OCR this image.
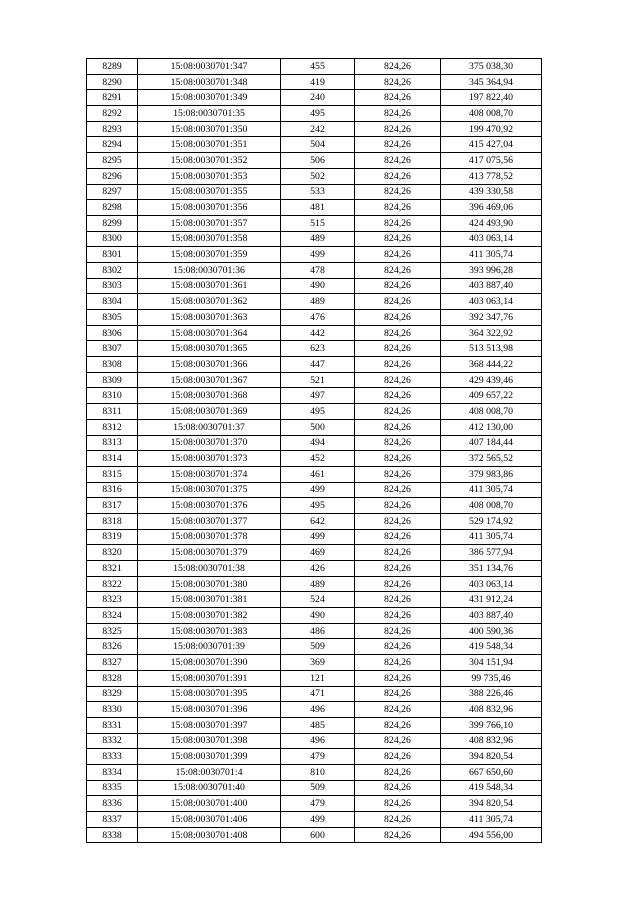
8289	15:08:0030701:347	455	824,26	375 038,30
8290	15:08:0030701:348	419	824,26	345 364,94
8291	15:08:0030701:349	240	824,26	197 822,40
8292	15:08:0030701:35	495	824,26	408 008,70
8293	15:08:0030701:350	242	824,26	199 470,92
8294	15:08:0030701:351	504	824,26	415 427,04
8295	15:08:0030701:352	506	824,26	417 075,56
8296	15:08:0030701:353	502	824,26	413 778,52
8297	15:08:0030701:355	533	824,26	439 330,58
8298	15:08:0030701:356	481	824,26	396 469,06
8299	15:08:0030701:357	515	824,26	424 493,90
8300	15:08:0030701:358	489	824,26	403 063,14
8301	15:08:0030701:359	499	824,26	411 305,74
8302	15:08:0030701:36	478	824,26	393 996,28
8303	15:08:0030701:361	490	824,26	403 887,40
8304	15:08:0030701:362	489	824,26	403 063,14
8305	15:08:0030701:363	476	824,26	392 347,76
8306	15:08:0030701:364	442	824,26	364 322,92
8307	15:08:0030701:365	623	824,26	513 513,98
8308	15:08:0030701:366	447	824,26	368 444,22
8309	15:08:0030701:367	521	824,26	429 439,46
8310	15:08:0030701:368	497	824,26	409 657,22
8311	15:08:0030701:369	495	824,26	408 008,70
8312	15:08:0030701:37	500	824,26	412 130,00
8313	15:08:0030701:370	494	824,26	407 184,44
8314	15:08:0030701:373	452	824,26	372 565,52
8315	15:08:0030701:374	461	824,26	379 983,86
8316	15:08:0030701:375	499	824,26	411 305,74
8317	15:08:0030701:376	495	824,26	408 008,70
8318	15:08:0030701:377	642	824,26	529 174,92
8319	15:08:0030701:378	499	824,26	411 305,74
8320	15:08:0030701:379	469	824,26	386 577,94
8321	15:08:0030701:38	426	824,26	351 134,76
8322	15:08:0030701:380	489	824,26	403 063,14
8323	15:08:0030701:381	524	824,26	431 912,24
8324	15:08:0030701:382	490	824,26	403 887,40
8325	15:08:0030701:383	486	824,26	400 590,36
8326	15:08:0030701:39	509	824,26	419 548,34
8327	15:08:0030701:390	369	824,26	304 151,94
8328	15:08:0030701:391	121	824,26	99 735,46
8329	15:08:0030701:395	471	824,26	388 226,46
8330	15:08:0030701:396	496	824,26	408 832,96
8331	15:08:0030701:397	485	824,26	399 766,10
8332	15:08:0030701:398	496	824,26	408 832,96
8333	15:08:0030701:399	479	824,26	394 820,54
8334	15:08:0030701:4	810	824,26	667 650,60
8335	15:08:0030701:40	509	824,26	419 548,34
8336	15:08:0030701:400	479	824,26	394 820,54
8337	15:08:0030701:406	499	824,26	411 305,74
8338	15:08:0030701:408	600	824,26	494 556,00
